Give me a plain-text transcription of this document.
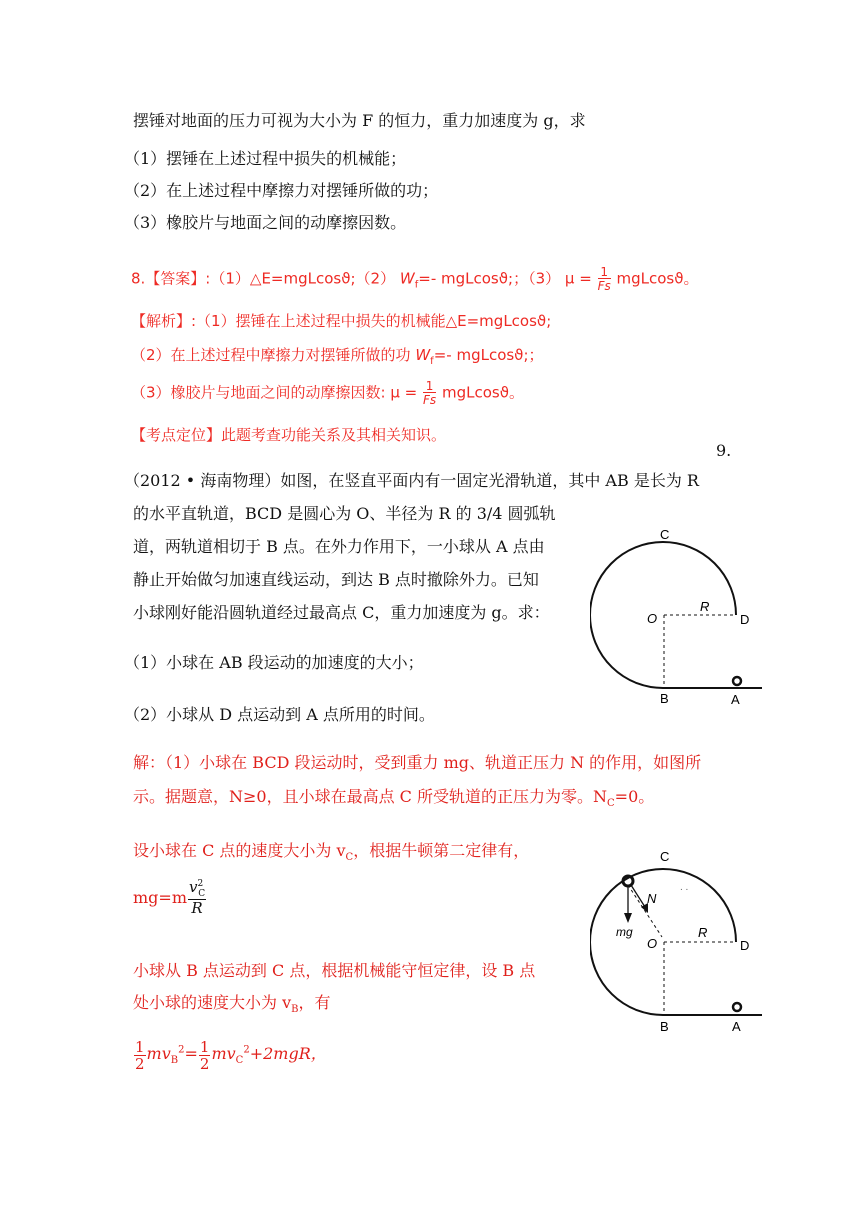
摆锤对地面的压力可视为大小为 F 的恒力，重力加速度为 g，求
（1）摆锤在上述过程中损失的机械能；
（2）在上述过程中摩擦力对摆锤所做的功；
（3）橡胶片与地面之间的动摩擦因数。
8.【答案】:（1）△E=mgLcosϑ;（2） $W_f=-$ mgLcosϑ;；（3） $\mu = \frac{1}{Fs}$ mgLcosϑ。
【解析】:（1）摆锤在上述过程中损失的机械能△E=mgLcosϑ;
（2）在上述过程中摩擦力对摆锤所做的功 $W_f=-$ mgLcosϑ;；
（3）橡胶片与地面之间的动摩擦因数: $\mu = \frac{1}{Fs}$ mgLcosϑ。
【考点定位】此题考查功能关系及其相关知识。
9.
（2012 • 海南物理）如图，在竖直平面内有一固定光滑轨道，其中 AB 是长为 R
的水平直轨道，BCD 是圆心为 O、半径为 R 的 3/4 圆弧轨
道，两轨道相切于 B 点。在外力作用下，一小球从 A 点由
静止开始做匀加速直线运动，到达 B 点时撤除外力。已知
小球刚好能沿圆轨道经过最高点 C，重力加速度为 g。求：
（1）小球在 AB 段运动的加速度的大小；
（2）小球从 D 点运动到 A 点所用的时间。
C
O
R
D
B	A
解：（1）小球在 BCD 段运动时，受到重力 mg、轨道正压力 N 的作用，如图所
示。据题意，N≥0，且小球在最高点 C 所受轨道的正压力为零。$N_C=0$。
设小球在 C 点的速度大小为 $v_C$，根据牛顿第二定律有，
$mg=m \frac{v^2_C}{R}$
小球从 B 点运动到 C 点，根据机械能守恒定律，设 B 点
处小球的速度大小为 $v_B$，有
$\frac{1}{2} mv_B^2= \frac{1}{2} mv_C^2+2mgR$，
C
N
mg
O
R
D
B	A
. .
